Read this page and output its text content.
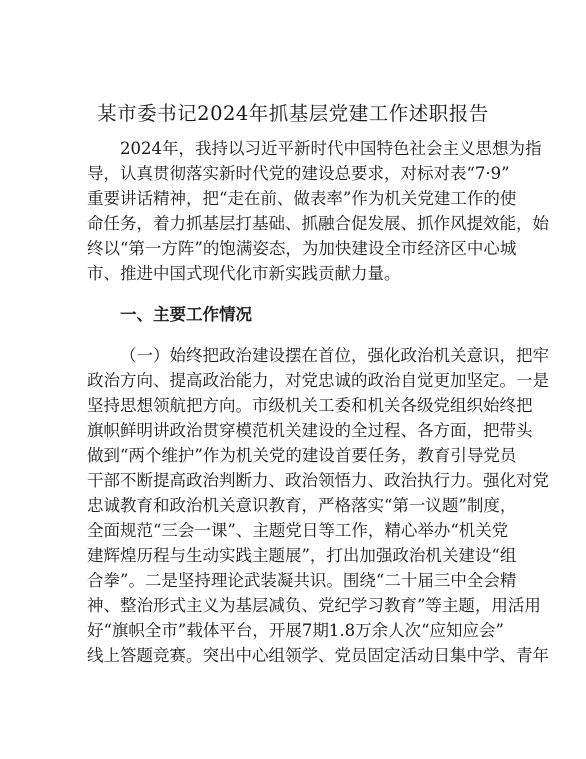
某市委书记2024年抓基层党建工作述职报告
2024年，我持以习近平新时代中国特色社会主义思想为指
导，认真贯彻落实新时代党的建设总要求，对标对表“7·9”
重要讲话精神，把“走在前、做表率”作为机关党建工作的使
命任务，着力抓基层打基础、抓融合促发展、抓作风提效能，始
终以“第一方阵”的饱满姿态，为加快建设全市经济区中心城
市、推进中国式现代化市新实践贡献力量。
一、主要工作情况
（一）始终把政治建设摆在首位，强化政治机关意识，把牢
政治方向、提高政治能力，对党忠诚的政治自觉更加坚定。一是
坚持思想领航把方向。市级机关工委和机关各级党组织始终把
旗帜鲜明讲政治贯穿模范机关建设的全过程、各方面，把带头
做到“两个维护”作为机关党的建设首要任务，教育引导党员
干部不断提高政治判断力、政治领悟力、政治执行力。强化对党
忠诚教育和政治机关意识教育，严格落实“第一议题”制度，
全面规范“三会一课”、主题党日等工作，精心举办“机关党
建辉煌历程与生动实践主题展”，打出加强政治机关建设“组
合拳”。二是坚持理论武装凝共识。围绕“二十届三中全会精
神、整治形式主义为基层减负、党纪学习教育”等主题，用活用
好“旗帜全市”载体平台，开展7期1.8万余人次“应知应会”
线上答题竞赛。突出中心组领学、党员固定活动日集中学、青年
